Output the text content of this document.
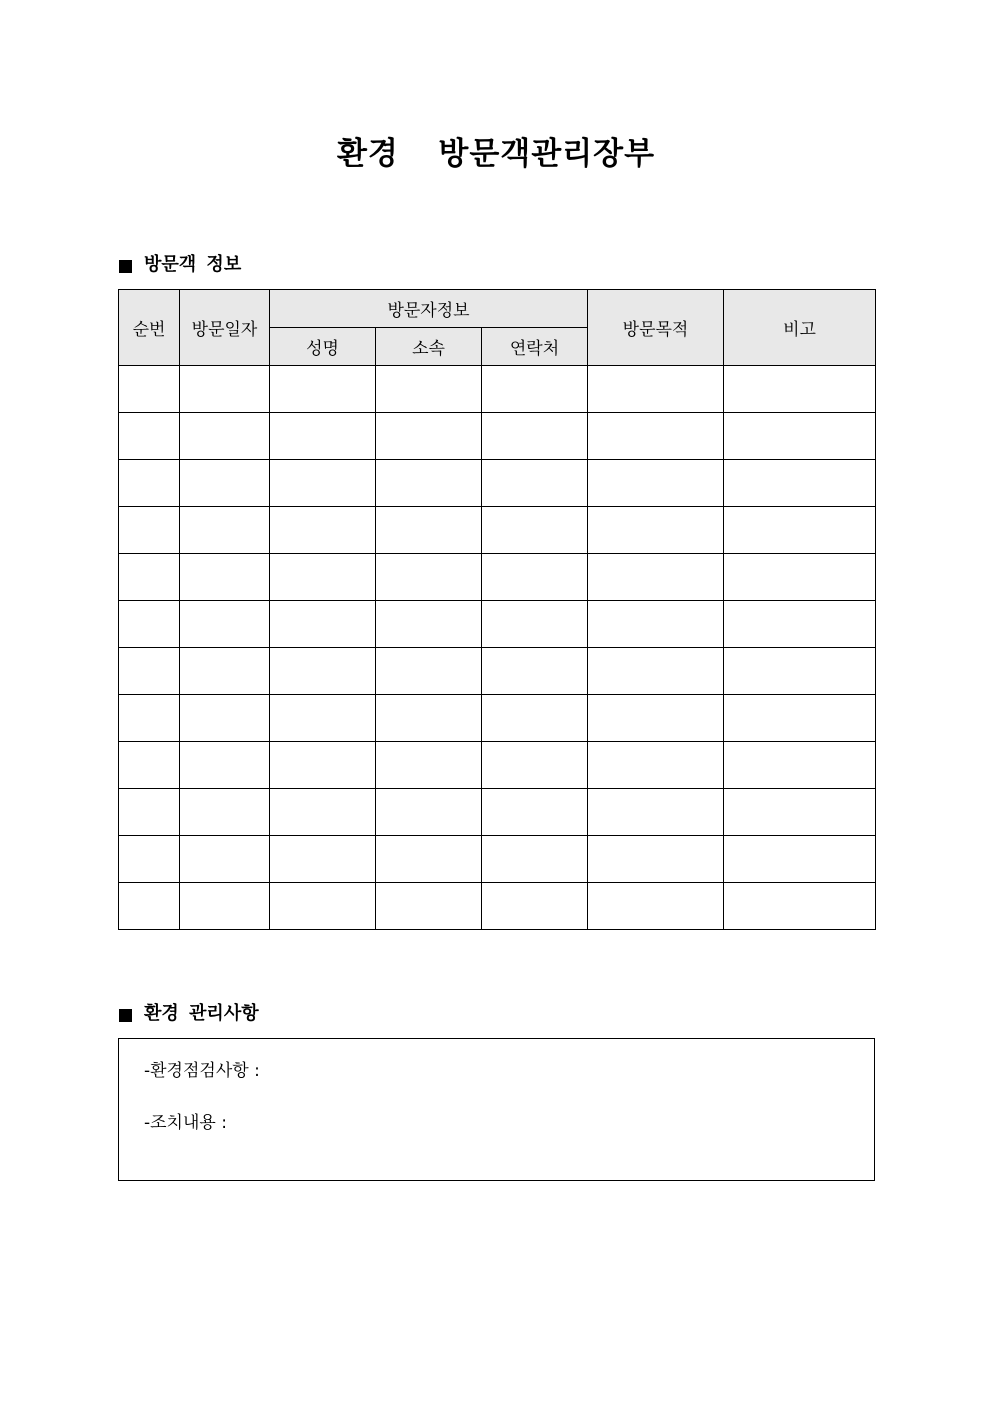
환경  방문객관리장부
방문객 정보
순번	방문일자	방문자정보			방문목적	비고
		성명	소속	연락처		

환경 관리사항
-환경점검사항 :
-조치내용 :
